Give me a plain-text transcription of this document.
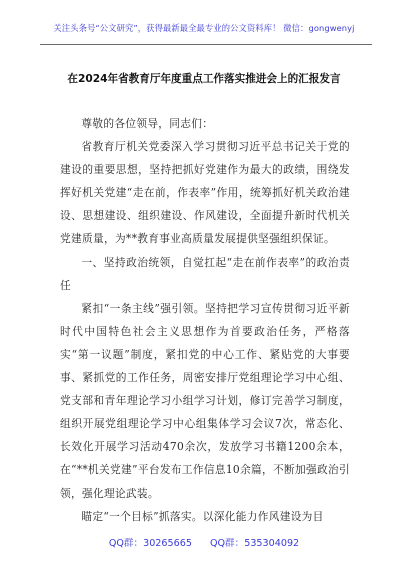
关注头条号“公文研究”，获得最新最全最专业的公文资料库！ 微信：gongwenyj
在2024年省教育厅年度重点工作落实推进会上的汇报发言

尊敬的各位领导，同志们：

省教育厅机关党委深入学习贯彻习近平总书记关于党的建设的重要思想，坚持把抓好党建作为最大的政绩，围绕发挥好机关党建“走在前，作表率”作用，统筹抓好机关政治建设、思想建设、组织建设、作风建设，全面提升新时代机关党建质量，为**教育事业高质量发展提供坚强组织保证。

一、坚持政治统领，自觉扛起“走在前作表率”的政治责任

紧扣“一条主线”强引领。坚持把学习宣传贯彻习近平新时代中国特色社会主义思想作为首要政治任务，严格落实“第一议题”制度，紧扣党的中心工作、紧贴党的大事要事、紧抓党的工作任务，周密安排厅党组理论学习中心组、党支部和青年理论学习小组学习计划，修订完善学习制度，组织开展党组理论学习中心组集体学习会议7次，常态化、长效化开展学习活动470余次，发放学习书籍1200余本，在“**机关党建”平台发布工作信息10余篇，不断加强政治引领，强化理论武装。

瞄定“一个目标”抓落实。以深化能力作风建设为目

QQ群：30265665 QQ群：535304092
